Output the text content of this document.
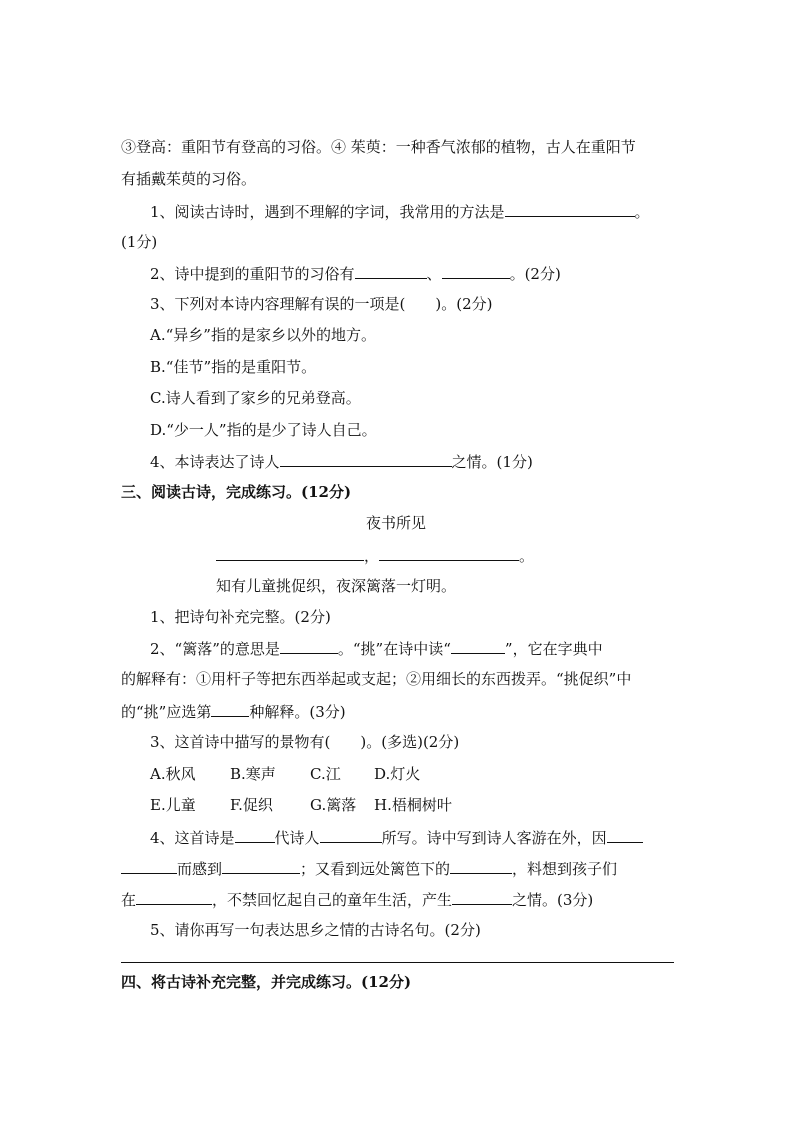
③登高：重阳节有登高的习俗。④ 茱萸：一种香气浓郁的植物，古人在重阳节
有插戴茱萸的习俗。
1、阅读古诗时，遇到不理解的字词，我常用的方法是	。
(1分)
2、诗中提到的重阳节的习俗有	、	。(2分)
3、下列对本诗内容理解有误的一项是(　　)。(2分)
A.“异乡”指的是家乡以外的地方。
B.“佳节”指的是重阳节。
C.诗人看到了家乡的兄弟登高。
D.“少一人”指的是少了诗人自己。
4、本诗表达了诗人	之情。(1分)
三、阅读古诗，完成练习。(12分)
夜书所见
，	。
知有儿童挑促织，夜深篱落一灯明。
1、把诗句补充完整。(2分)
2、“篱落”的意思是	。“挑”在诗中读“	”，它在字典中
的解释有：①用杆子等把东西举起或支起；②用细长的东西拨弄。“挑促织”中
的“挑”应选第	种解释。(3分)
3、这首诗中描写的景物有(　　)。(多选)(2分)
A.秋风 B.寒声 C.江 D.灯火
E.儿童 F.促织 G.篱落 H.梧桐树叶
4、这首诗是	代诗人	所写。诗中写到诗人客游在外，因
而感到	；又看到远处篱笆下的	，料想到孩子们
在	，不禁回忆起自己的童年生活，产生	之情。(3分)
5、请你再写一句表达思乡之情的古诗名句。(2分)
四、将古诗补充完整，并完成练习。(12分)
